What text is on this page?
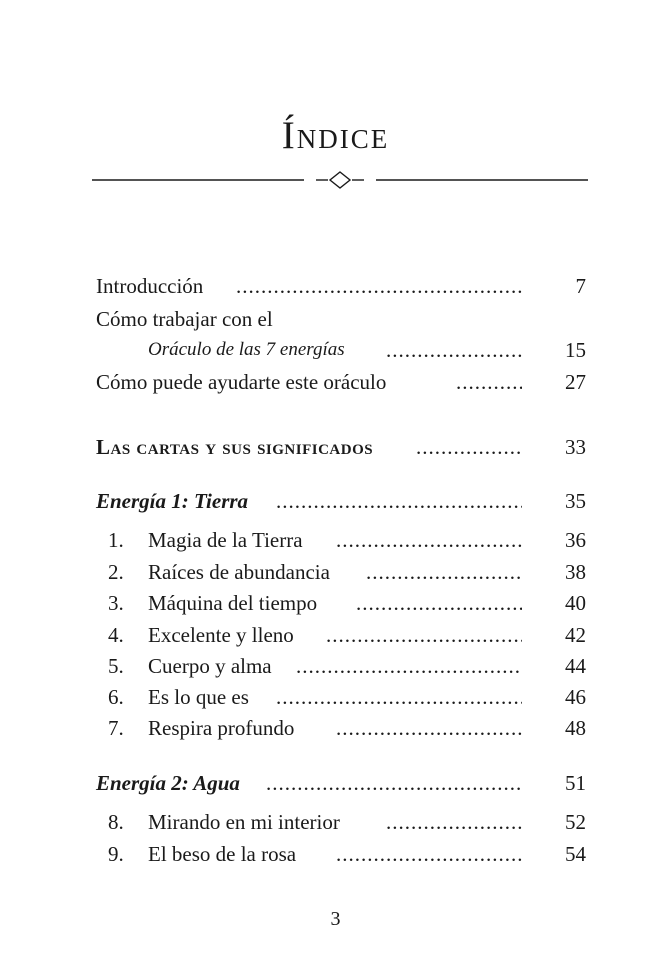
Índice
.....
Introducción	7
Cómo trabajar con el
.....
Oráculo de las 7 energías	15
.....
Cómo puede ayudarte este oráculo	27
.....
Las cartas y sus significados	33
.....
Energía 1: Tierra	35
.....
1. Magia de la Tierra	36
.....
2. Raíces de abundancia	38
.....
3. Máquina del tiempo	40
.....
4. Excelente y lleno	42
.....
5. Cuerpo y alma	44
.....
6. Es lo que es	46
.....
7. Respira profundo	48
.....
Energía 2: Agua	51
.....
8. Mirando en mi interior	52
.....
9. El beso de la rosa	54
3
